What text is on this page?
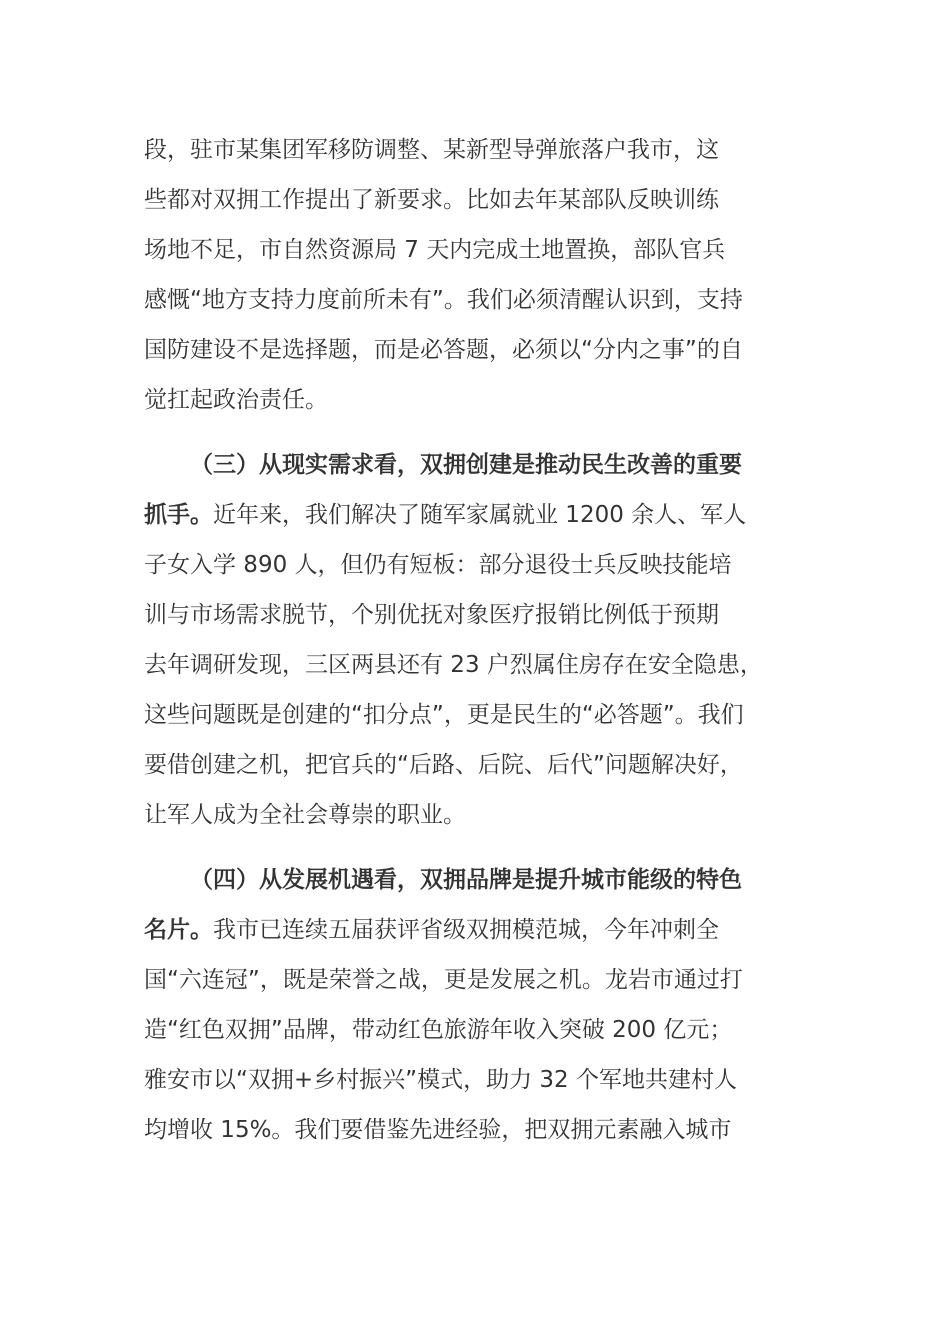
段，驻市某集团军移防调整、某新型导弹旅落户我市，这
些都对双拥工作提出了新要求。比如去年某部队反映训练
场地不足，市自然资源局 7 天内完成土地置换，部队官兵
感慨“地方支持力度前所未有”。我们必须清醒认识到，支持
国防建设不是选择题，而是必答题，必须以“分内之事”的自
觉扛起政治责任。
（三）从现实需求看，双拥创建是推动民生改善的重要
抓手。近年来，我们解决了随军家属就业 1200 余人、军人
子女入学 890 人，但仍有短板：部分退役士兵反映技能培
训与市场需求脱节，个别优抚对象医疗报销比例低于预期
去年调研发现，三区两县还有 23 户烈属住房存在安全隐患，
这些问题既是创建的“扣分点”，更是民生的“必答题”。我们
要借创建之机，把官兵的“后路、后院、后代”问题解决好，
让军人成为全社会尊崇的职业。
（四）从发展机遇看，双拥品牌是提升城市能级的特色
名片。我市已连续五届获评省级双拥模范城，今年冲刺全
国“六连冠”，既是荣誉之战，更是发展之机。龙岩市通过打
造“红色双拥”品牌，带动红色旅游年收入突破 200 亿元；
雅安市以“双拥+乡村振兴”模式，助力 32 个军地共建村人
均增收 15%。我们要借鉴先进经验，把双拥元素融入城市
